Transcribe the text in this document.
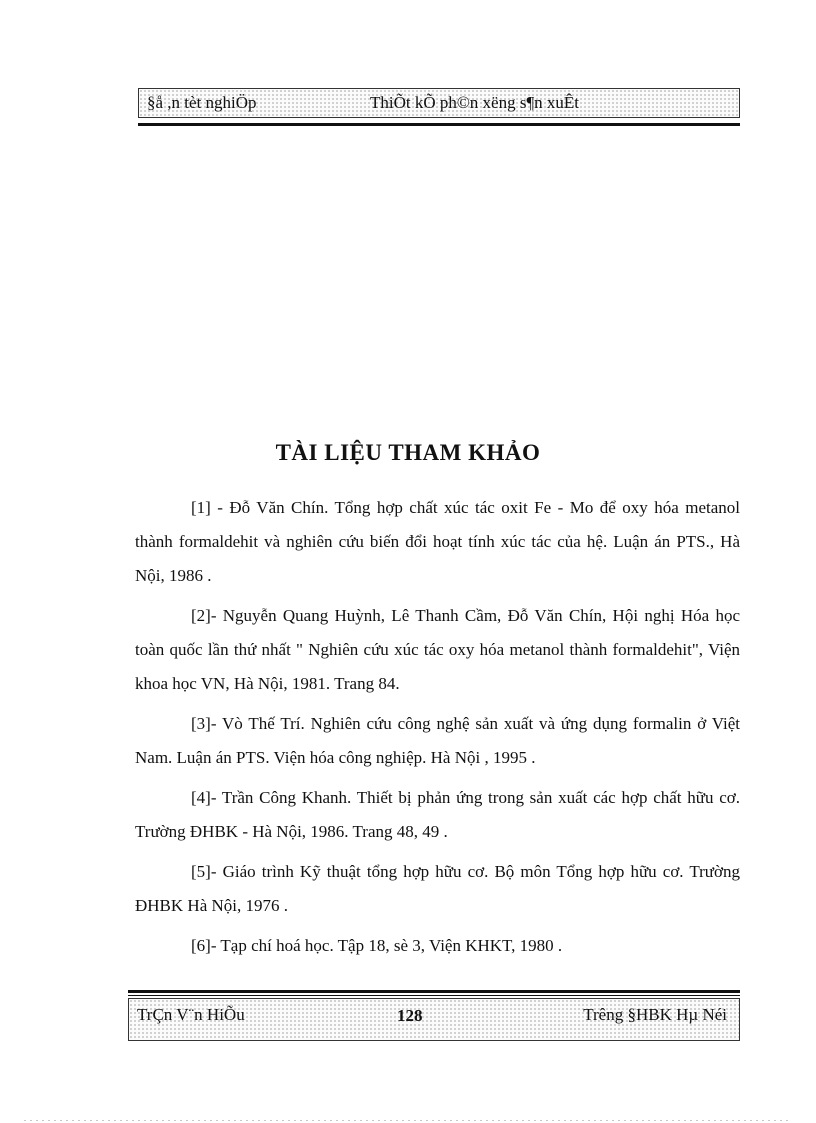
§å ,n tèt nghiÖp	ThiÕt kÕ ph©n xëng s¶n xuÊt
TÀI LIỆU THAM KHẢO

[1] - Đỗ Văn Chín. Tổng hợp chất xúc tác oxit Fe - Mo để oxy hóa metanol thành formaldehit và nghiên cứu biến đổi hoạt tính xúc tác của hệ. Luận án PTS., Hà Nội, 1986 .

[2]- Nguyễn Quang Huỳnh, Lê Thanh Cầm, Đỗ Văn Chín, Hội nghị Hóa học toàn quốc lần thứ nhất " Nghiên cứu xúc tác oxy hóa metanol thành formaldehit", Viện khoa học VN, Hà Nội, 1981. Trang 84.

[3]- Vò Thế Trí. Nghiên cứu công nghệ sản xuất và ứng dụng formalin ở Việt Nam. Luận án PTS. Viện hóa công nghiệp. Hà Nội , 1995 .

[4]- Trần Công Khanh. Thiết bị phản ứng trong sản xuất các hợp chất hữu cơ. Trường ĐHBK - Hà Nội, 1986. Trang 48, 49 .

[5]- Giáo trình Kỹ thuật tổng hợp hữu cơ. Bộ môn Tổng hợp hữu cơ. Trường ĐHBK Hà Nội, 1976 .

[6]- Tạp chí hoá học. Tập 18, sè 3, Viện KHKT, 1980 .

TrÇn V¨n HiÕu	128	Trêng §HBK Hµ Néi
